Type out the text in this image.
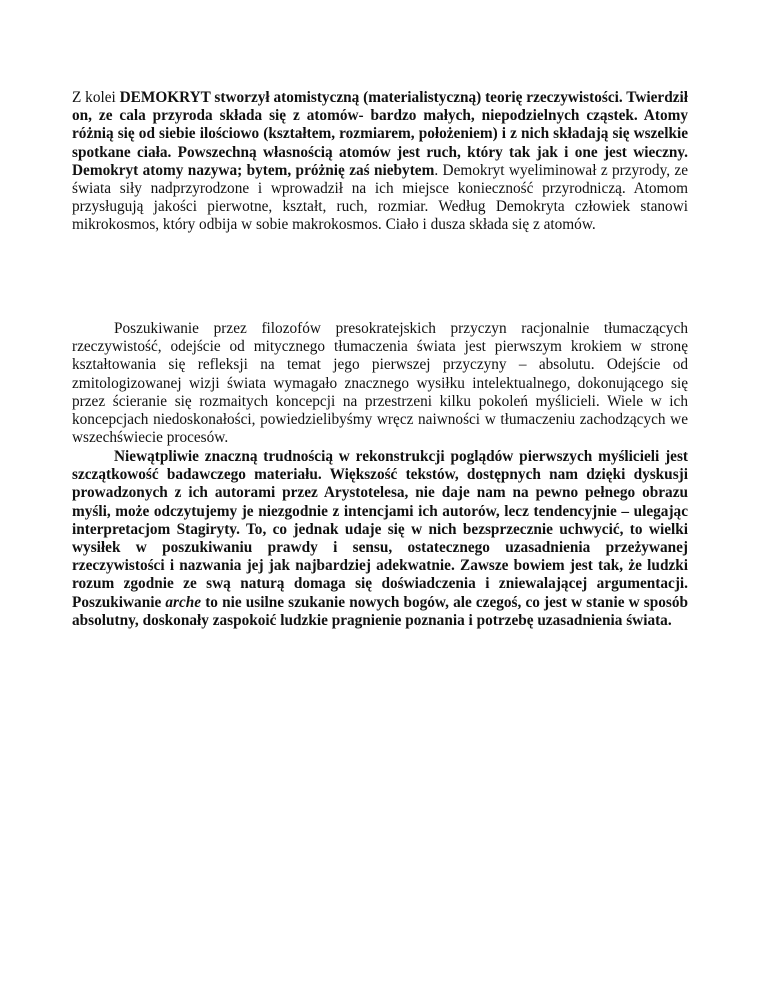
Z kolei DEMOKRYT stworzył atomistyczną (materialistyczną) teorię rzeczywistości. Twierdził on, ze cala przyroda składa się z atomów- bardzo małych, niepodzielnych cząstek. Atomy różnią się od siebie ilościowo (kształtem, rozmiarem, położeniem) i z nich składają się wszelkie spotkane ciała. Powszechną własnością atomów jest ruch, który tak jak i one jest wieczny. Demokryt atomy nazywa; bytem, próżnię zaś niebytem. Demokryt wyeliminował z przyrody, ze świata siły nadprzyrodzone i wprowadził na ich miejsce konieczność przyrodniczą. Atomom przysługują jakości pierwotne, kształt, ruch, rozmiar. Według Demokryta człowiek stanowi mikrokosmos, który odbija w sobie makrokosmos. Ciało i dusza składa się z atomów.

Poszukiwanie przez filozofów presokratejskich przyczyn racjonalnie tłumaczących rzeczywistość, odejście od mitycznego tłumaczenia świata jest pierwszym krokiem w stronę kształtowania się refleksji na temat jego pierwszej przyczyny – absolutu. Odejście od zmitologizowanej wizji świata wymagało znacznego wysiłku intelektualnego, dokonującego się przez ścieranie się rozmaitych koncepcji na przestrzeni kilku pokoleń myślicieli. Wiele w ich koncepcjach niedoskonałości, powiedzielibyśmy wręcz naiwności w tłumaczeniu zachodzących we wszechświecie procesów.

Niewątpliwie znaczną trudnością w rekonstrukcji poglądów pierwszych myślicieli jest szczątkowość badawczego materiału. Większość tekstów, dostępnych nam dzięki dyskusji prowadzonych z ich autorami przez Arystotelesa, nie daje nam na pewno pełnego obrazu myśli, może odczytujemy je niezgodnie z intencjami ich autorów, lecz tendencyjnie – ulegając interpretacjom Stagiryty. To, co jednak udaje się w nich bezsprzecznie uchwycić, to wielki wysiłek w poszukiwaniu prawdy i sensu, ostatecznego uzasadnienia przeżywanej rzeczywistości i nazwania jej jak najbardziej adekwatnie. Zawsze bowiem jest tak, że ludzki rozum zgodnie ze swą naturą domaga się doświadczenia i zniewalającej argumentacji. Poszukiwanie arche to nie usilne szukanie nowych bogów, ale czegoś, co jest w stanie w sposób absolutny, doskonały zaspokoić ludzkie pragnienie poznania i potrzebę uzasadnienia świata.
